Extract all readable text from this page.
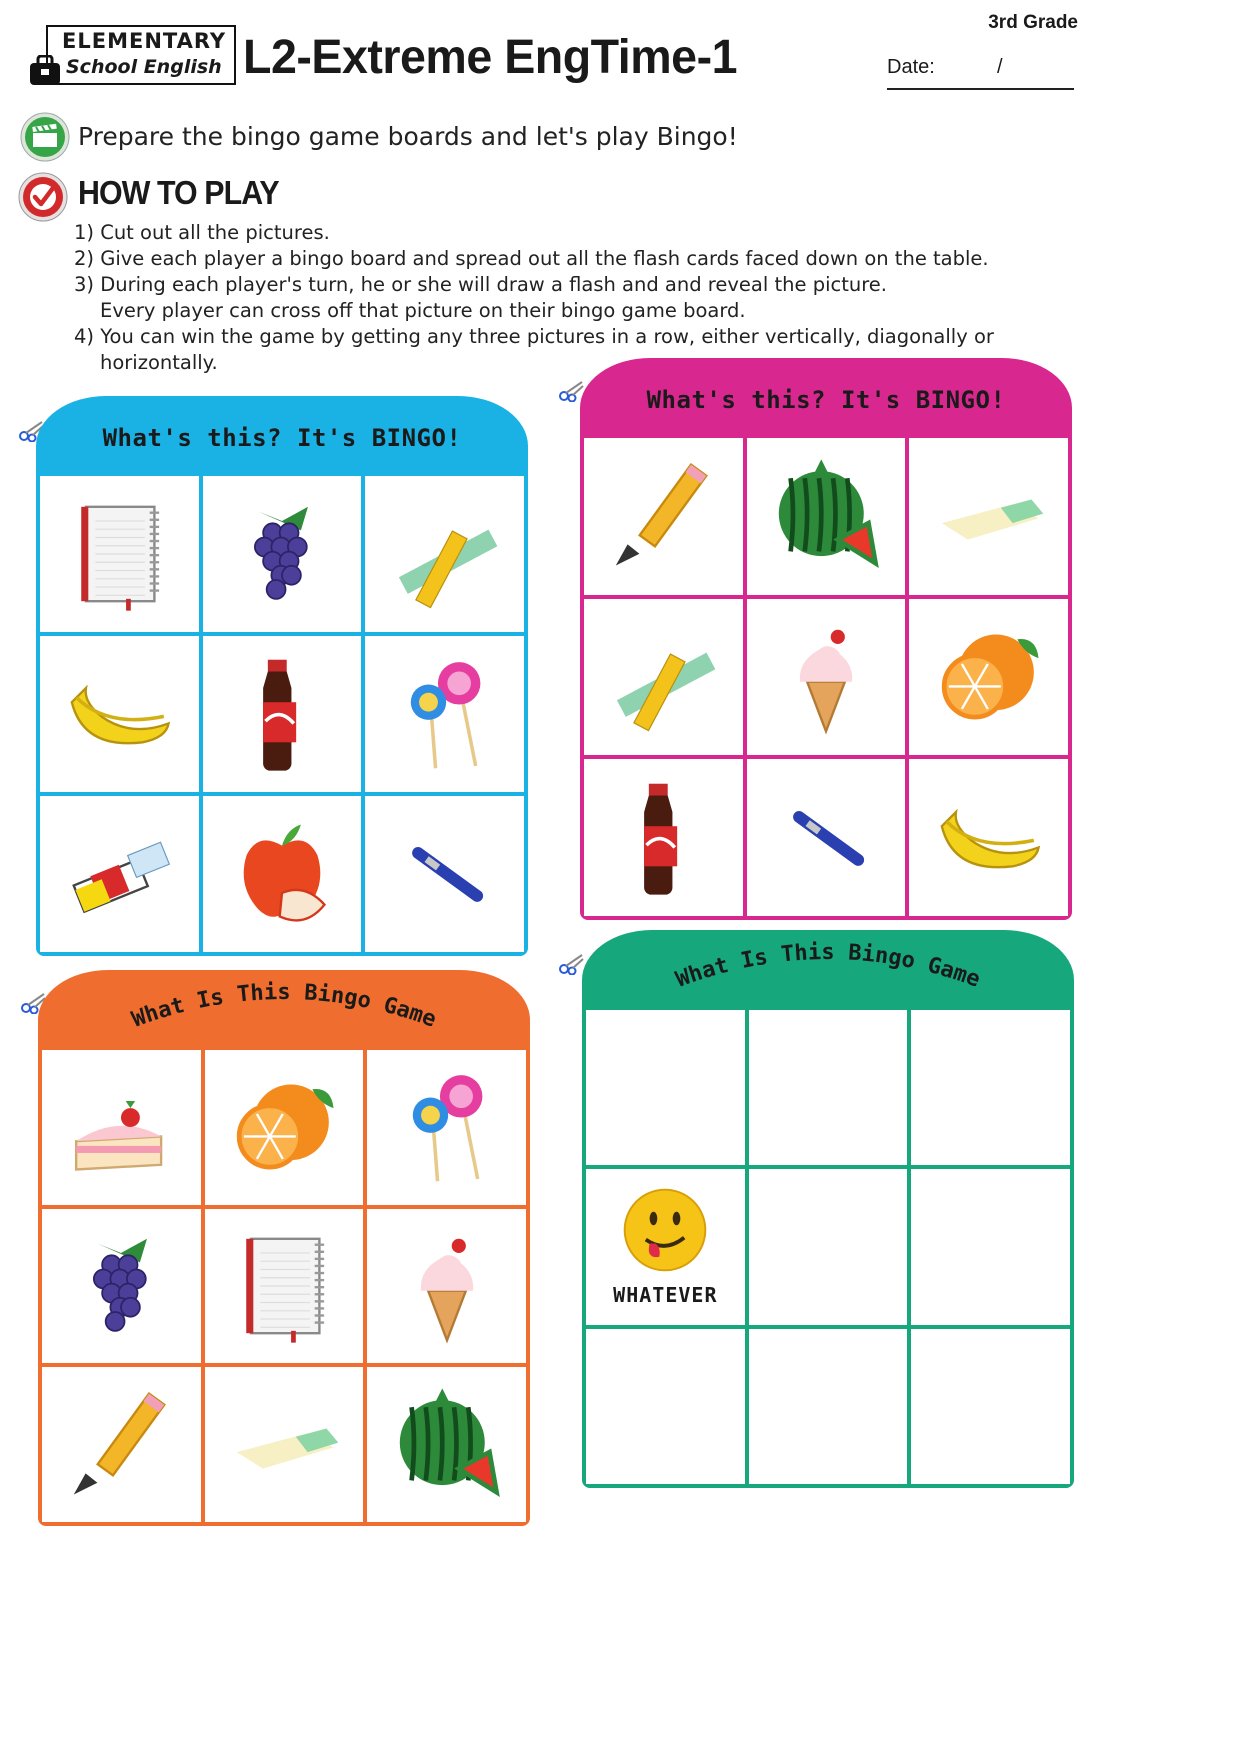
ELEMENTARY
School English L2-Extreme EngTime-1
3rd Grade
Date:	/
Prepare the bingo game boards and let's play Bingo!
HOW TO PLAY
1) Cut out all the pictures.
2) Give each player a bingo board and spread out all the flash cards faced down on the table.
3) During each player's turn, he or she will draw a flash and and reveal the picture.
Every player can cross off that picture on their bingo game board.
4) You can win the game by getting any three pictures in a row, either vertically, diagonally or
horizontally.
What's this? It's BINGO!
What's this? It's BINGO!
What Is This Bingo Game
What Is This Bingo Game
WHATEVER
